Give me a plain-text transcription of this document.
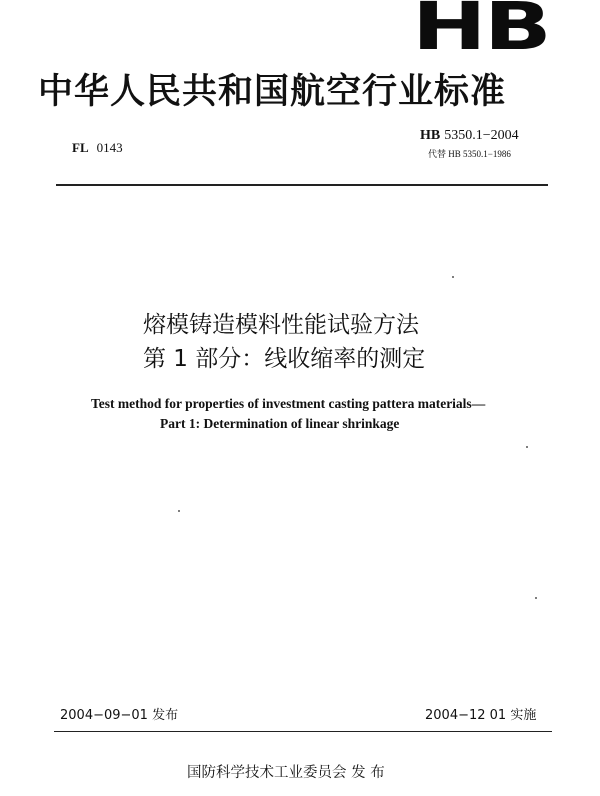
HB
中华人民共和国航空行业标准
FL 0143
HB 5350.1−2004
代替 HB 5350.1−1986
熔模铸造模料性能试验方法
第 1 部分：线收缩率的测定
Test method for properties of investment casting pattera materials—
Part 1: Determination of linear shrinkage
2004−09−01 发布	2004−12 01 实施
国防科学技术工业委员会 发 布
